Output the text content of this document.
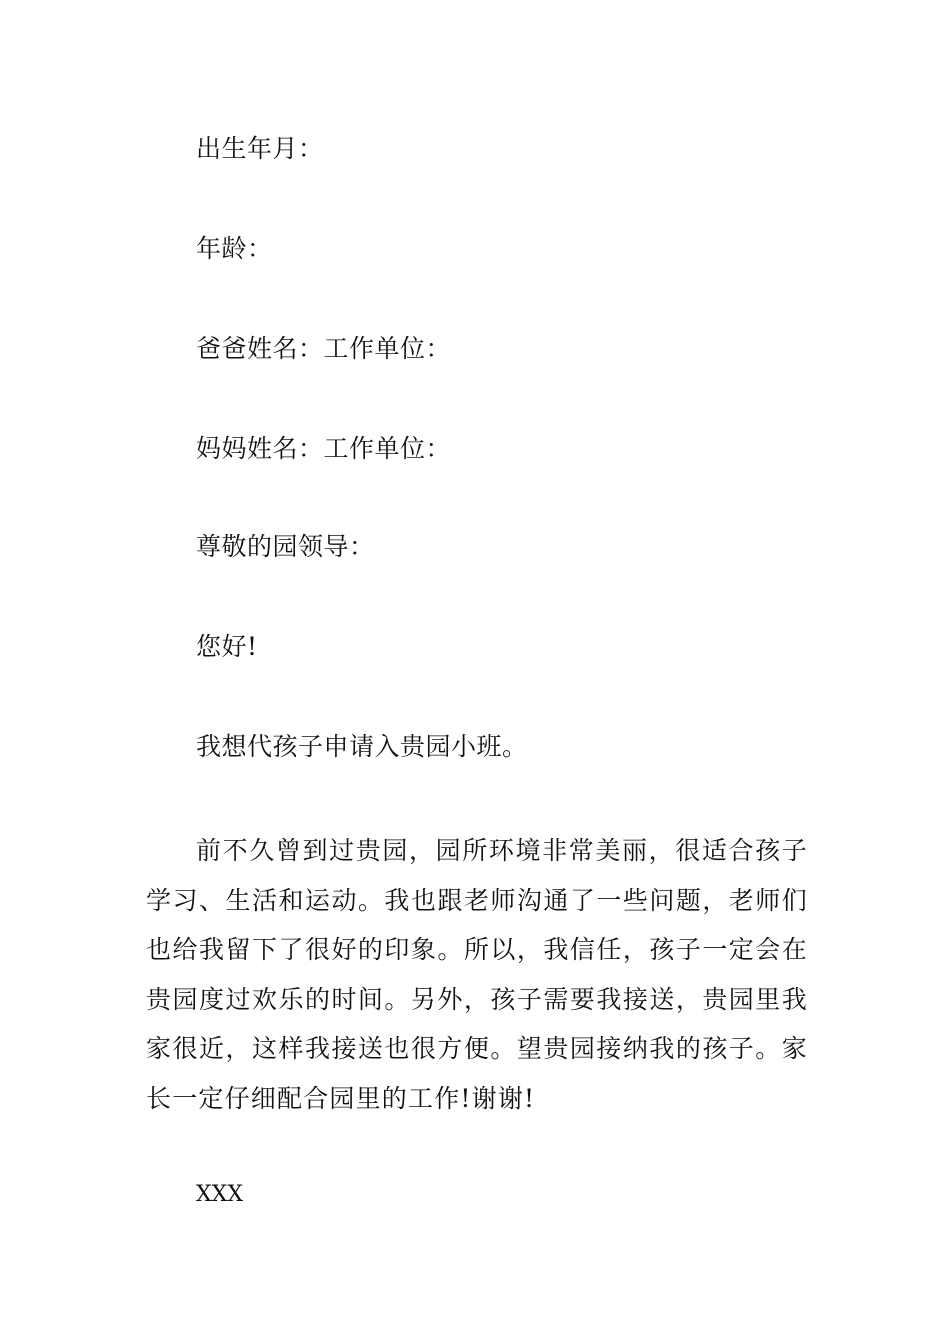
出生年月：
年龄：
爸爸姓名：工作单位：
妈妈姓名：工作单位：
尊敬的园领导：
您好!
我想代孩子申请入贵园小班。
前不久曾到过贵园，园所环境非常美丽，很适合孩子学习、生活和运动。我也跟老师沟通了一些问题，老师们也给我留下了很好的印象。所以，我信任，孩子一定会在贵园度过欢乐的时间。另外，孩子需要我接送，贵园里我家很近，这样我接送也很方便。望贵园接纳我的孩子。家长一定仔细配合园里的工作!谢谢!
XXX
